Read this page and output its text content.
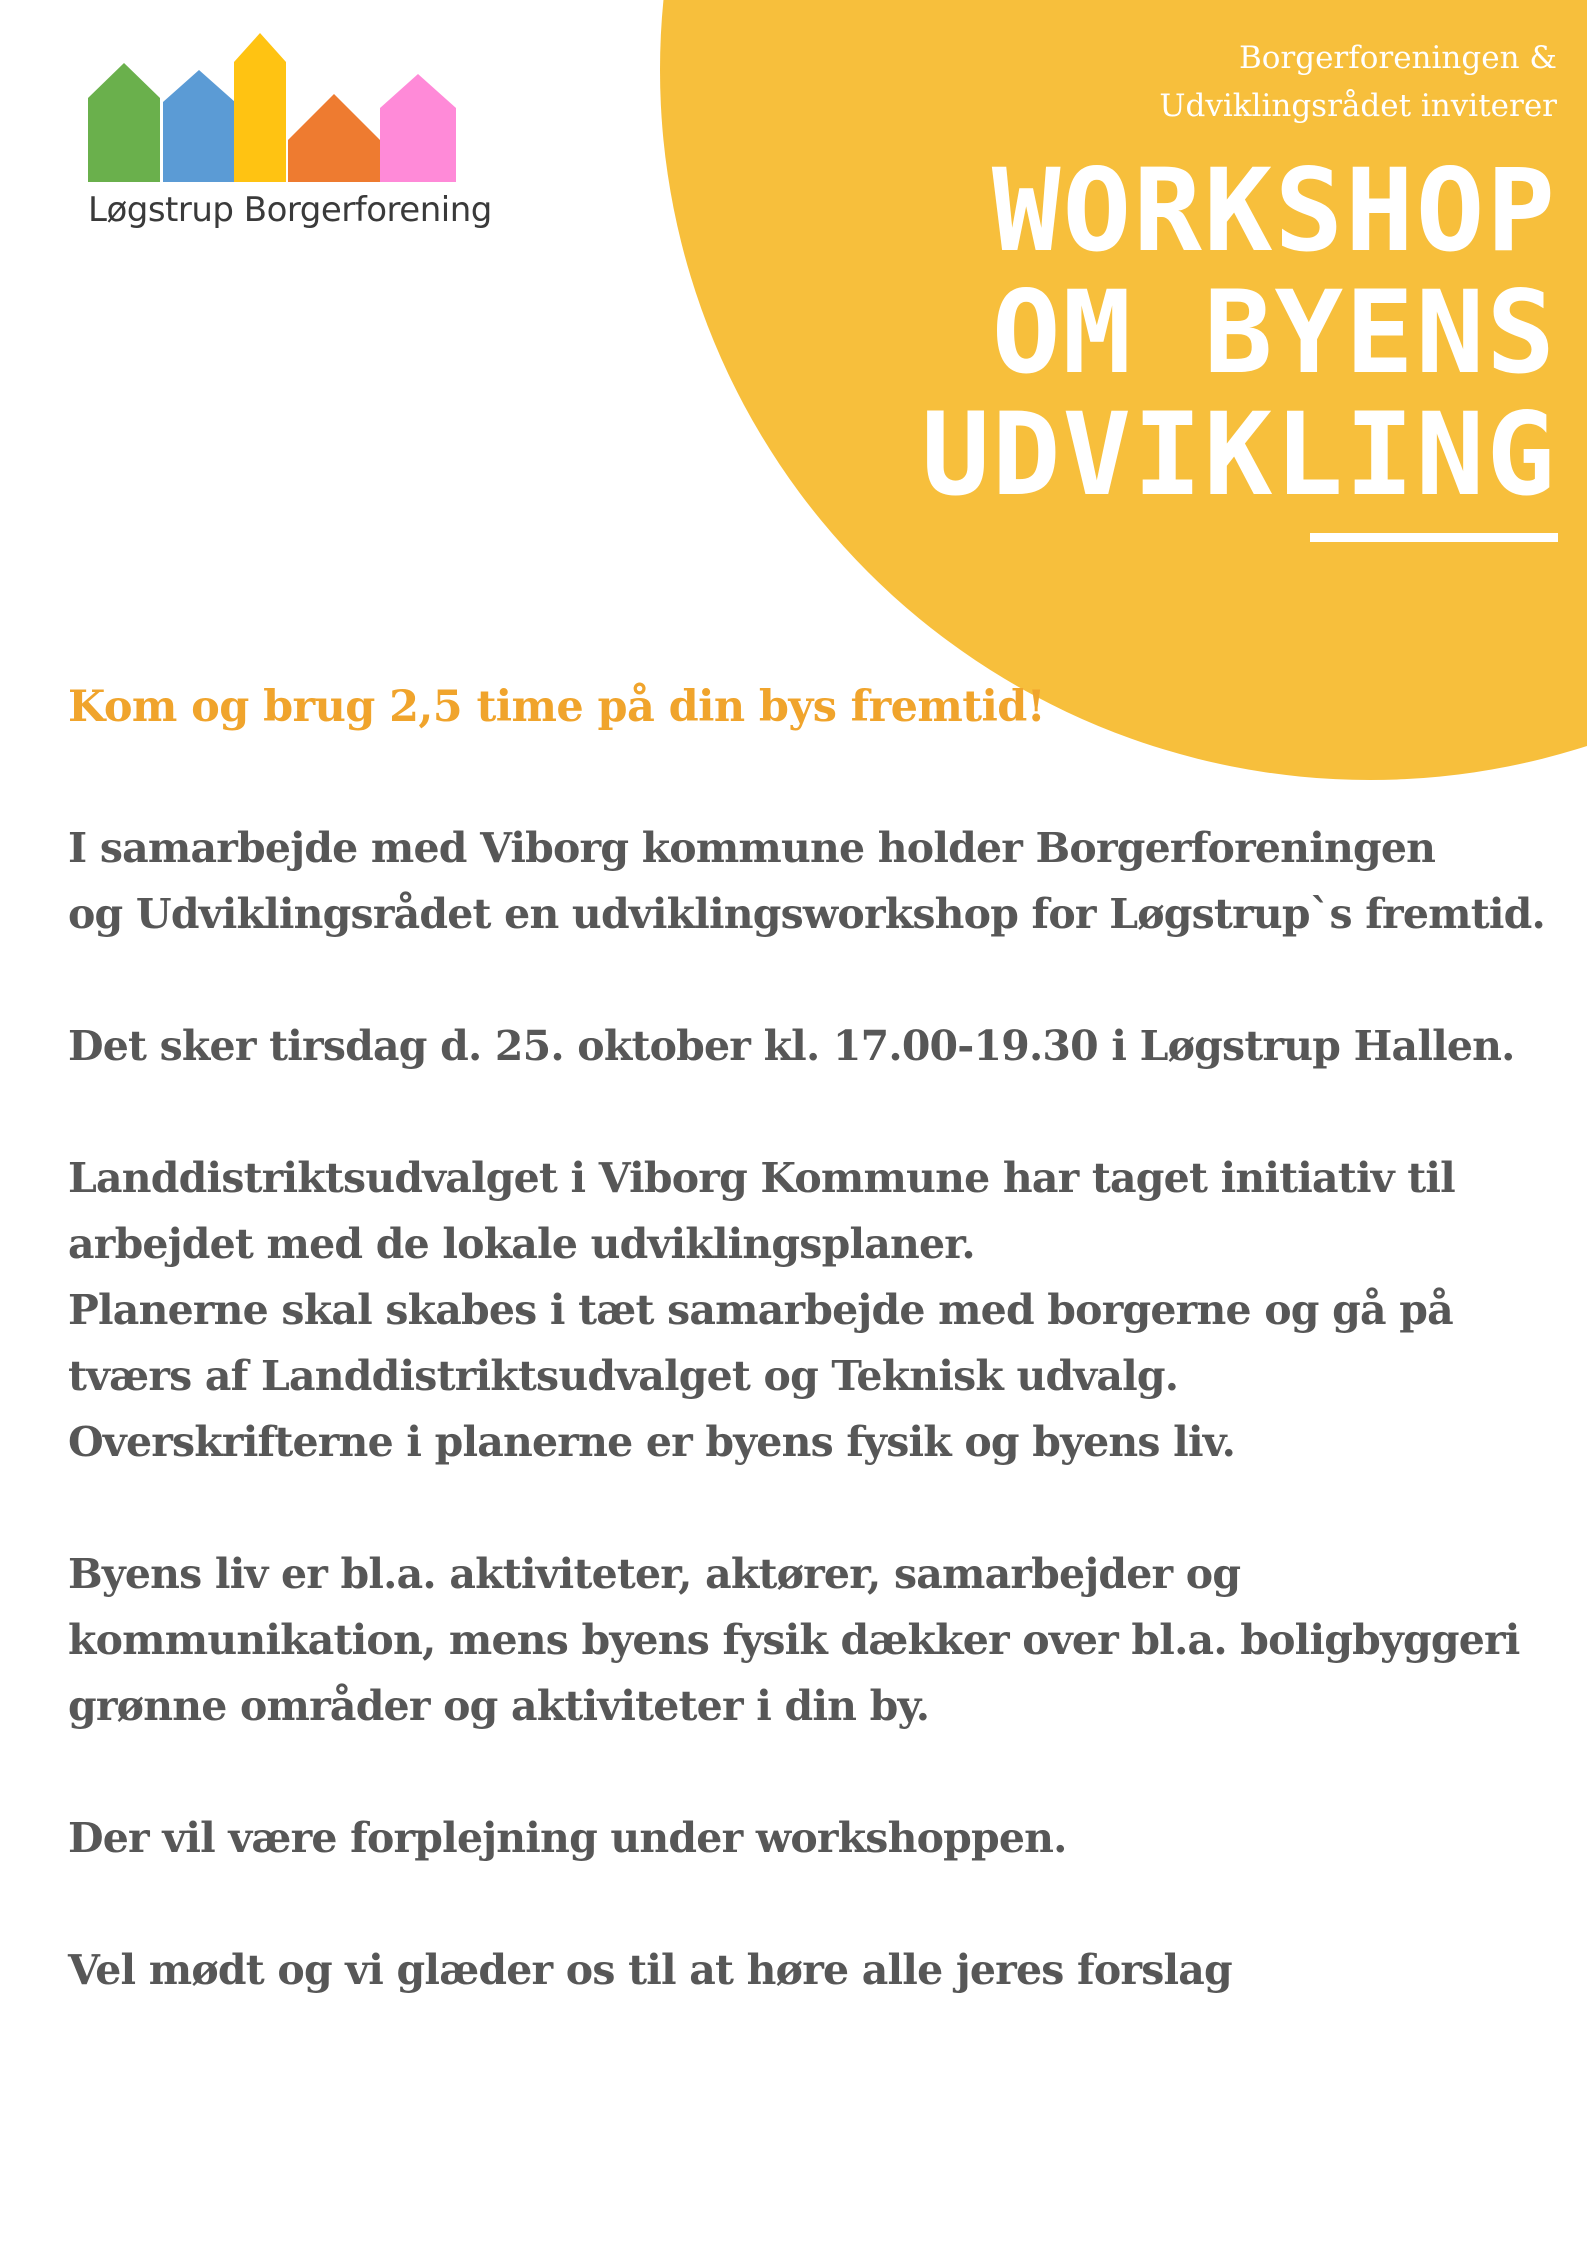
Løgstrup Borgerforening
Borgerforeningen &
Udviklingsrådet inviterer
WORKSHOP
OM BYENS
UDVIKLING
Kom og brug 2,5 time på din bys fremtid!

I samarbejde med Viborg kommune holder Borgerforeningen
og Udviklingsrådet en udviklingsworkshop for Løgstrup`s fremtid.

Det sker tirsdag d. 25. oktober kl. 17.00-19.30 i Løgstrup Hallen.

Landdistriktsudvalget i Viborg Kommune har taget initiativ til
arbejdet med de lokale udviklingsplaner.
Planerne skal skabes i tæt samarbejde med borgerne og gå på
tværs af Landdistriktsudvalget og Teknisk udvalg.
Overskrifterne i planerne er byens fysik og byens liv.

Byens liv er bl.a. aktiviteter, aktører, samarbejder og
kommunikation, mens byens fysik dækker over bl.a. boligbyggeri
grønne områder og aktiviteter i din by.

Der vil være forplejning under workshoppen.

Vel mødt og vi glæder os til at høre alle jeres forslag
